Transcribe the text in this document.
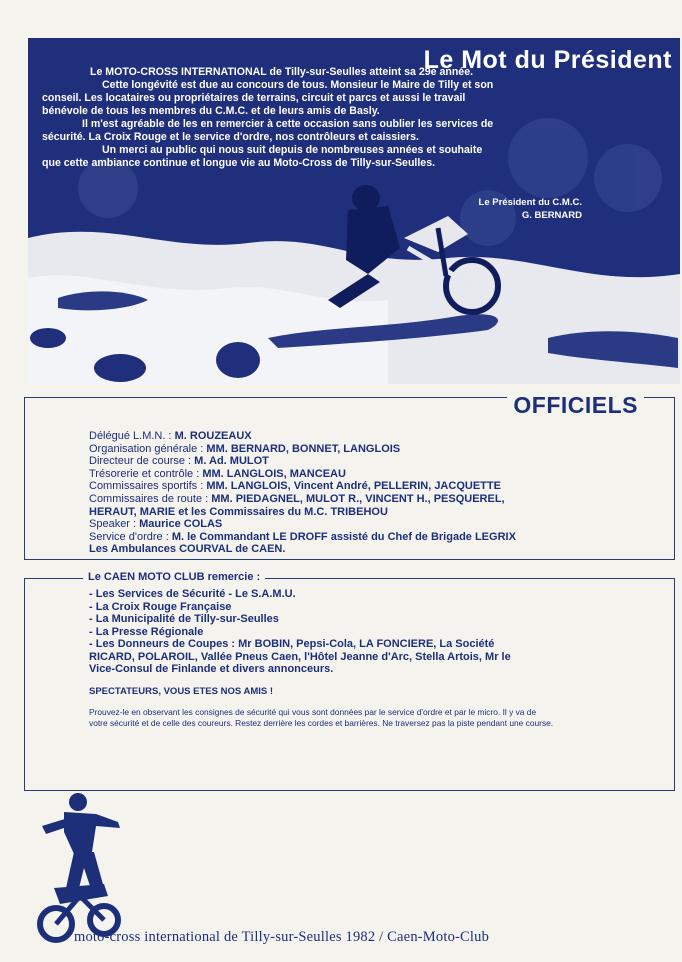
Le Mot du Président

Le MOTO-CROSS INTERNATIONAL de Tilly-sur-Seulles atteint sa 29e année.

Cette longévité est due au concours de tous. Monsieur le Maire de Tilly et son

conseil. Les locataires ou propriétaires de terrains, circuit et parcs et aussi le travail

bénévole de tous les membres du C.M.C. et de leurs amis de Basly.

Il m'est agréable de les en remercier à cette occasion sans oublier les services de

sécurité. La Croix Rouge et le service d'ordre, nos contrôleurs et caissiers.

Un merci au public qui nous suit depuis de nombreuses années et souhaite

que cette ambiance continue et longue vie au Moto-Cross de Tilly-sur-Seulles.

Le Président du C.M.C.
G. BERNARD
OFFICIELS
Délégué L.M.N. : M. ROUZEAUX
Organisation générale : MM. BERNARD, BONNET, LANGLOIS
Directeur de course : M. Ad. MULOT
Trésorerie et contrôle : MM. LANGLOIS, MANCEAU
Commissaires sportifs : MM. LANGLOIS, Vincent André, PELLERIN, JACQUETTE
Commissaires de route : MM. PIEDAGNEL, MULOT R., VINCENT H., PESQUEREL,
HERAUT, MARIE et les Commissaires du M.C. TRIBEHOU
Speaker : Maurice COLAS
Service d'ordre : M. le Commandant LE DROFF assisté du Chef de Brigade LEGRIX
Les Ambulances COURVAL de CAEN.
Le CAEN MOTO CLUB remercie :
- Les Services de Sécurité - Le S.A.M.U.
- La Croix Rouge Française
- La Municipalité de Tilly-sur-Seulles
- La Presse Régionale
- Les Donneurs de Coupes : Mr BOBIN, Pepsi-Cola, LA FONCIERE, La Société
RICARD, POLAROIL, Vallée Pneus Caen, l'Hôtel Jeanne d'Arc, Stella Artois, Mr le
Vice-Consul de Finlande et divers annonceurs.
SPECTATEURS, VOUS ETES NOS AMIS !
Prouvez-le en observant les consignes de sécurité qui vous sont données par le service d'ordre et par le micro. Il y va de
votre sécurité et de celle des coureurs. Restez derrière les cordes et barrières. Ne traversez pas la piste pendant une course.
moto-cross international de Tilly-sur-Seulles 1982 / Caen-Moto-Club
